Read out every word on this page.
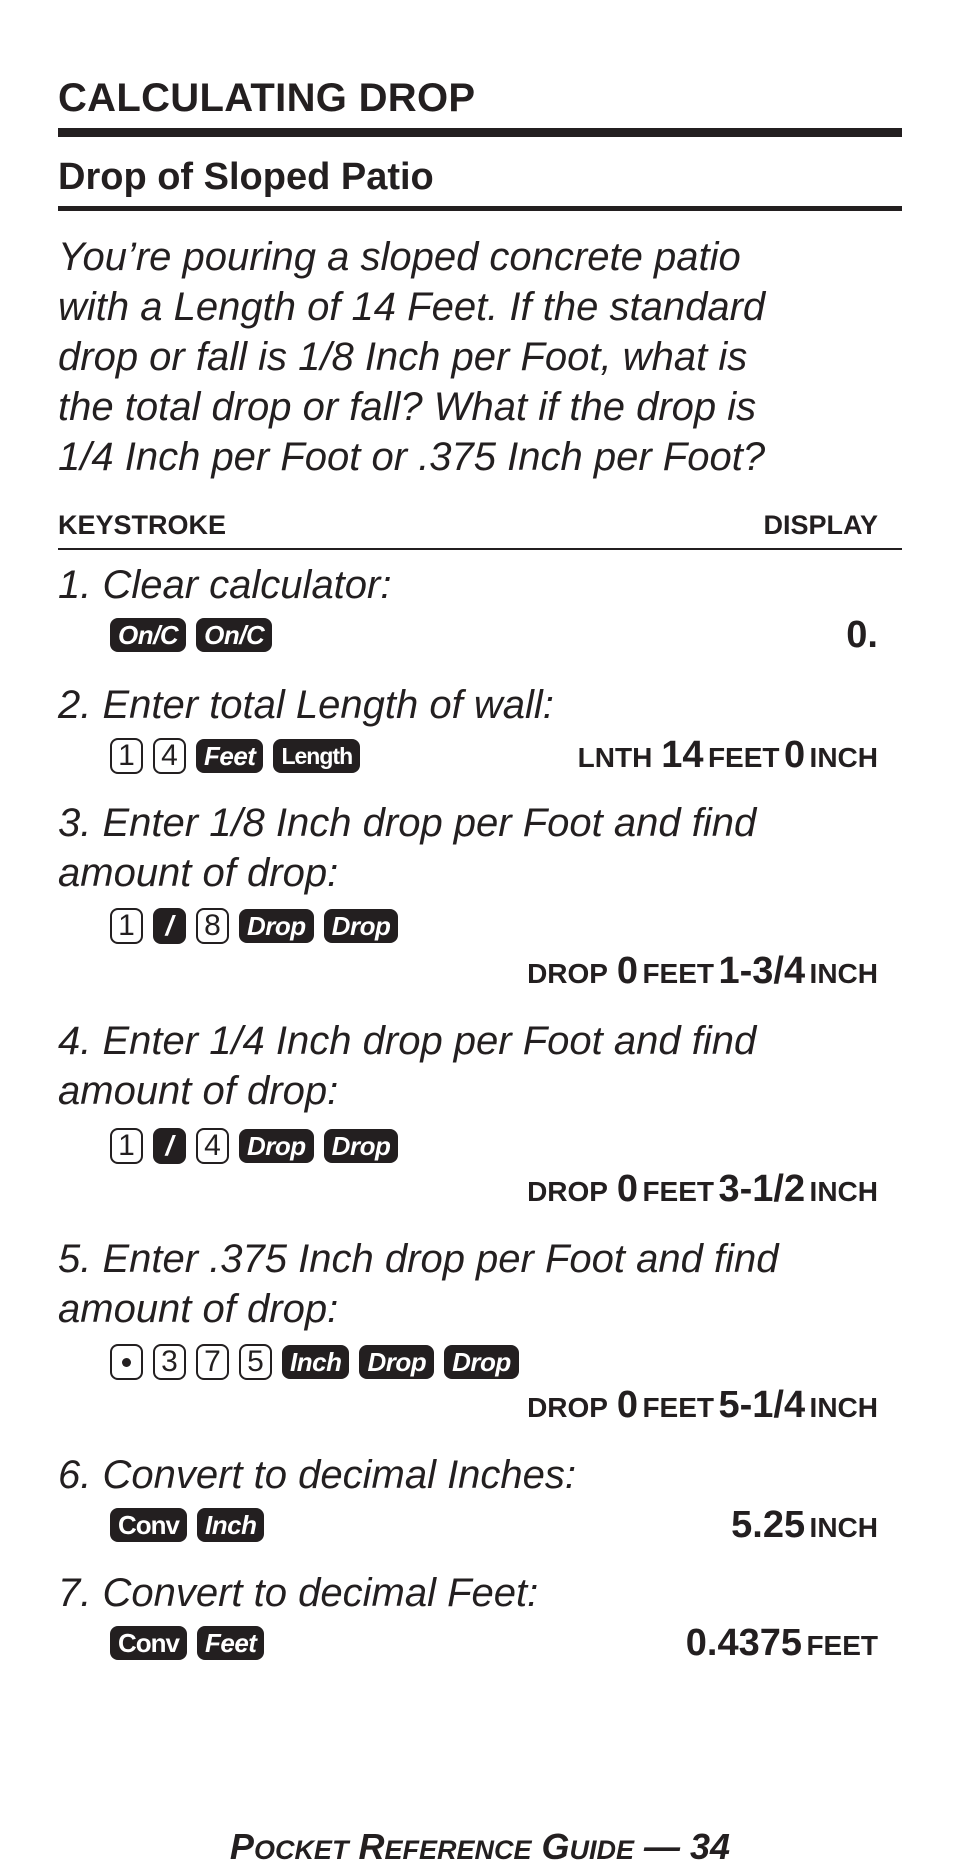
CALCULATING DROP
Drop of Sloped Patio
You’re pouring a sloped concrete patio
with a Length of 14 Feet. If the standard
drop or fall is 1/8 Inch per Foot, what is
the total drop or fall? What if the drop is
1/4 Inch per Foot or .375 Inch per Foot?
KEYSTROKE	DISPLAY
1. Clear calculator:
On/C	On/C	0.
2. Enter total Length of wall:
1 4	Feet	Length	LNTH 14 FEET 0 INCH
3. Enter 1/8 Inch drop per Foot and find
amount of drop:
1	/	8	Drop	Drop
DROP 0 FEET 1-3/4 INCH
4. Enter 1/4 Inch drop per Foot and find
amount of drop:
1	/	4	Drop	Drop
DROP 0 FEET 3-1/2 INCH
5. Enter .375 Inch drop per Foot and find
amount of drop:
3 7 5	Inch	Drop	Drop
DROP 0 FEET 5-1/4 INCH
6. Convert to decimal Inches:
Conv	Inch	5.25 INCH
7. Convert to decimal Feet:
Conv	Feet	0.4375 FEET
POCKET REFERENCE GUIDE — 34
